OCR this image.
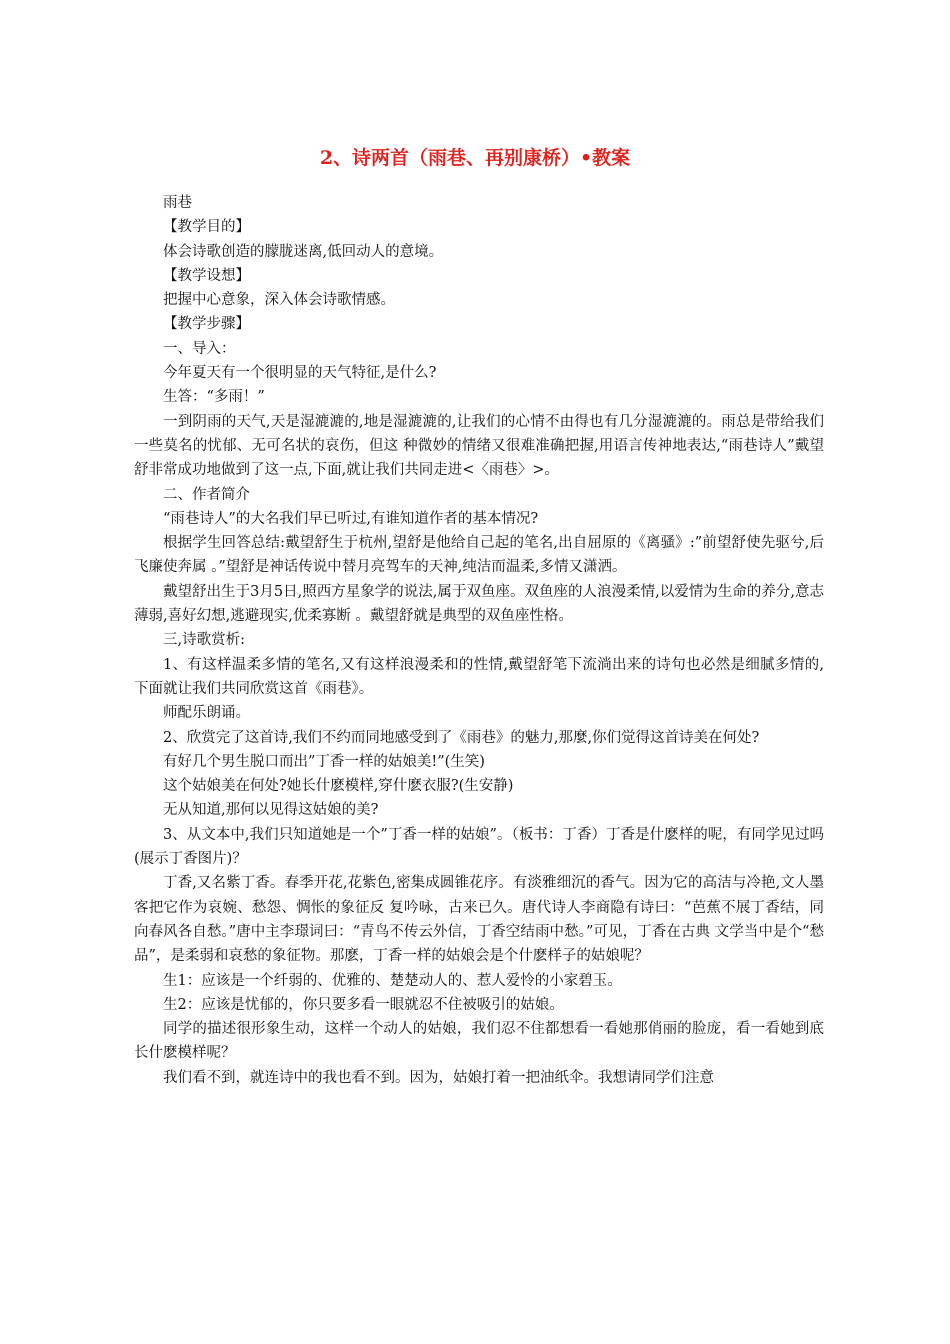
2、诗两首（雨巷、再别康桥）•教案

雨巷

【教学目的】

体会诗歌创造的朦胧迷离,低回动人的意境。

【教学设想】

把握中心意象，深入体会诗歌情感。

【教学步骤】

一、导入：

今年夏天有一个很明显的天气特征,是什么?

生答：“多雨！”

一到阴雨的天气,天是湿漉漉的,地是湿漉漉的,让我们的心情不由得也有几分湿漉漉的。雨总是带给我们一些莫名的忧郁、无可名状的哀伤，但这 种微妙的情绪又很难准确把握,用语言传神地表达,“雨巷诗人”戴望舒非常成功地做到了这一点,下面,就让我们共同走进<〈雨巷〉>。

二、作者简介

“雨巷诗人”的大名我们早已听过,有谁知道作者的基本情况?

根据学生回答总结:戴望舒生于杭州,望舒是他给自己起的笔名,出自屈原的《离骚》:”前望舒使先驱兮,后飞廉使奔属 。”望舒是神话传说中替月亮驾车的天神,纯洁而温柔,多情又潇洒。

戴望舒出生于3月5日,照西方星象学的说法,属于双鱼座。双鱼座的人浪漫柔情,以爱情为生命的养分,意志薄弱,喜好幻想,逃避现实,优柔寡断 。戴望舒就是典型的双鱼座性格。

三,诗歌赏析:

1、有这样温柔多情的笔名,又有这样浪漫柔和的性情,戴望舒笔下流淌出来的诗句也必然是细腻多情的,下面就让我们共同欣赏这首《雨巷》。

师配乐朗诵。

2、欣赏完了这首诗,我们不约而同地感受到了《雨巷》的魅力,那麼,你们觉得这首诗美在何处?

有好几个男生脱口而出”丁香一样的姑娘美!”(生笑)

这个姑娘美在何处?她长什麽模样,穿什麽衣服?(生安静)

无从知道,那何以见得这姑娘的美?

3、从文本中,我们只知道她是一个”丁香一样的姑娘”。（板书：丁香）丁香是什麽样的呢，有同学见过吗(展示丁香图片)？

丁香,又名紫丁香。春季开花,花紫色,密集成圆锥花序。有淡雅细沉的香气。因为它的高洁与冷艳,文人墨客把它作为哀婉、愁怨、惆怅的象征反 复吟咏，古来已久。唐代诗人李商隐有诗曰：“芭蕉不展丁香结，同向春风各自愁。”唐中主李璟词曰：“青鸟不传云外信，丁香空结雨中愁。”可见，丁香在古典 文学当中是个“愁品”，是柔弱和哀愁的象征物。那麽，丁香一样的姑娘会是个什麽样子的姑娘呢？

生1：应该是一个纤弱的、优雅的、楚楚动人的、惹人爱怜的小家碧玉。

生2：应该是忧郁的，你只要多看一眼就忍不住被吸引的姑娘。

同学的描述很形象生动，这样一个动人的姑娘，我们忍不住都想看一看她那俏丽的脸庞，看一看她到底长什麽模样呢？

我们看不到，就连诗中的我也看不到。因为，姑娘打着一把油纸伞。我想请同学们注意
